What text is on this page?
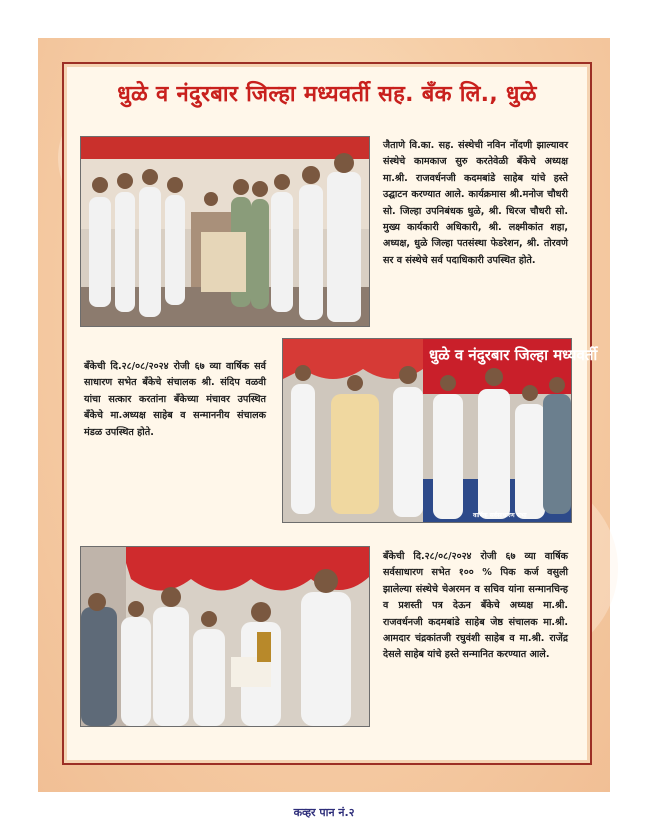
धुळे व नंदुरबार जिल्हा मध्यवर्ती सह. बँक लि., धुळे
जैताणे वि.का. सह. संस्थेची नविन नोंदणी झाल्यावर संस्थेचे कामकाज सुरु करतेवेळी बँकेचे अध्यक्ष मा.श्री. राजवर्धनजी कदमबांडे साहेब यांचे हस्ते उद्घाटन करण्यात आले. कार्यक्रमास श्री.मनोज चौधरी सो. जिल्हा उपनिबंधक धुळे, श्री. धिरज चौधरी सो. मुख्य कार्यकारी अधिकारी, श्री. लक्ष्मीकांत शहा, अध्यक्ष, धुळे जिल्हा पतसंस्था फेडरेशन, श्री. तोरवणे सर व संस्थेचे सर्व पदाधिकारी उपस्थित होते.
धुळे व नंदुरबार जिल्हा मध्यवर्ती
वार्षिक सर्वसाधारण सभा
बँकेची दि.२८/०८/२०२४ रोजी ६७ व्या वार्षिक सर्व साधारण सभेत बँकेचे संचालक श्री. संदिप वळवी यांचा सत्कार करतांना बँकेच्या मंचावर उपस्थित बँकेचे मा.अध्यक्ष साहेब व सन्माननीय संचालक मंडळ उपस्थित होते.
बँकेची दि.२८/०८/२०२४ रोजी ६७ व्या वार्षिक सर्वसाधारण सभेत १०० % पिक कर्ज वसुली झालेल्या संस्थेचे चेअरमन व सचिव यांना सन्मानचिन्ह व प्रशस्ती पत्र देऊन बँकेचे अध्यक्ष मा.श्री. राजवर्धनजी कदमबांडे साहेब जेष्ठ संचालक मा.श्री. आमदार चंद्रकांतजी रघुवंशी साहेब व मा.श्री. राजेंद्र देसले साहेब यांचे हस्ते सन्मानित करण्यात आले.
कव्हर पान नं.२
